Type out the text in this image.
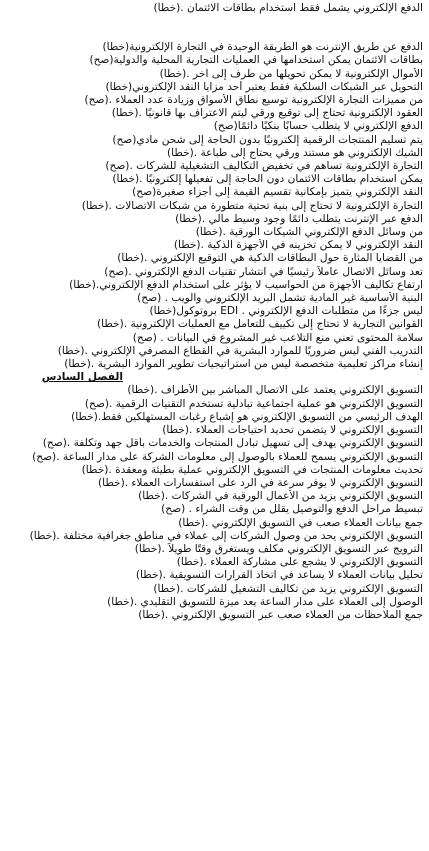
الدفع الإلكتروني يشمل فقط استخدام بطاقات الائتمان .(خطأ)
الدفع عن طريق الإنترنت هو الطريقة الوحيدة في التجارة الإلكترونية(خطأ)
بطاقات الائتمان يمكن استخدامها في العمليات التجارية المحلية والدولية(صح)
الأموال الإلكترونية لا يمكن تحويلها من طرف إلى آخر .(خطأ)
التحويل عبر الشبكات السلكية فقط يعتبر أحد مزايا النقد الإلكتروني(خطأ)
من مميزات التجارة الإلكترونية توسيع نطاق الأسواق وزيادة عدد العملاء .(صح)
العقود الإلكترونية تحتاج إلى توقيع ورقي ليتم الاعتراف بها قانونيًا .(خطأ)
الدفع الإلكتروني لا يتطلب حسابًا بنكيًا دائمًا(صح)
يتم تسليم المنتجات الرقمية إلكترونيًا بدون الحاجة إلى شحن مادي(صح)
الشيك الإلكتروني هو مستند ورقي يحتاج إلى طباعة .(خطأ)
التجارة الإلكترونية تساهم في تخفيض التكاليف التشغيلية للشركات .(صح)
يمكن استخدام بطاقات الائتمان دون الحاجة إلى تفعيلها إلكترونيًا .(خطأ)
النقد الإلكتروني يتميز بإمكانية تقسيم القيمة إلى أجزاء صغيرة(صح)
التجارة الإلكترونية لا تحتاج إلى بنية تحتية متطورة من شبكات الاتصالات .(خطأ)
الدفع عبر الإنترنت يتطلب دائمًا وجود وسيط مالي .(خطأ)
من وسائل الدفع الإلكتروني الشيكات الورقية .(خطأ)
النقد الإلكتروني لا يمكن تخزينه في الأجهزة الذكية .(خطأ)
من القضايا المثارة حول البطاقات الذكية هي التوقيع الإلكتروني .(خطأ)
تعد وسائل الاتصال عاملاً رئيسيًا في انتشار تقنيات الدفع الإلكتروني .(صح)
ارتفاع تكاليف الأجهزة من الحواسيب لا يؤثر على استخدام الدفع الإلكتروني.(خطأ)
البنية الأساسية غير المادية تشمل البريد الإلكتروني والويب . (صح)
ليس جزءًا من متطلبات الدفع الإلكتروني . EDI بروتوكول(خطأ)
القوانين التجارية لا تحتاج إلى تكييف للتعامل مع العمليات الإلكترونية .(خطأ)
سلامة المحتوى تعني منع التلاعب غير المشروع في البيانات . (صح)
التدريب الفني ليس ضروريًا للموارد البشرية في القطاع المصرفي الإلكتروني .(خطأ)
إنشاء مراكز تعليمية متخصصة ليس من استراتيجيات تطوير الموارد البشرية .(خطأ)
الفصل السادس
التسويق الإلكتروني يعتمد على الاتصال المباشر بين الأطراف .(خطأ)
التسويق الإلكتروني هو عملية اجتماعية تبادلية تستخدم التقنيات الرقمية .(صح)
الهدف الرئيسي من التسويق الإلكتروني هو إشباع رغبات المستهلكين فقط.(خطأ)
التسويق الإلكتروني لا يتضمن تحديد احتياجات العملاء .(خطأ)
التسويق الإلكتروني يهدف إلى تسهيل تبادل المنتجات والخدمات بأقل جهد وتكلفة .(صح)
التسويق الإلكتروني يسمح للعملاء بالوصول إلى معلومات الشركة على مدار الساعة .(صح)
تحديث معلومات المنتجات في التسويق الإلكتروني عملية بطيئة ومعقدة .(خطأ)
التسويق الإلكتروني لا يوفر سرعة في الرد على استفسارات العملاء .(خطأ)
التسويق الإلكتروني يزيد من الأعمال الورقية في الشركات .(خطأ)
تبسيط مراحل الدفع والتوصيل يقلل من وقت الشراء . (صح)
جمع بيانات العملاء صعب في التسويق الإلكتروني .(خطأ)
التسويق الإلكتروني يحد من وصول الشركات إلى عملاء في مناطق جغرافية مختلفة .(خطأ)
الترويج عبر التسويق الإلكتروني مكلف ويستغرق وقتًا طويلاً .(خطأ)
التسويق الإلكتروني لا يشجع على مشاركة العملاء .(خطأ)
تحليل بيانات العملاء لا يساعد في اتخاذ القرارات التسويقية .(خطأ)
التسويق الإلكتروني يزيد من تكاليف التشغيل للشركات .(خطأ)
الوصول إلى العملاء على مدار الساعة يعد ميزة للتسويق التقليدي .(خطأ)
جمع الملاحظات من العملاء صعب عبر التسويق الإلكتروني .(خطأ)
